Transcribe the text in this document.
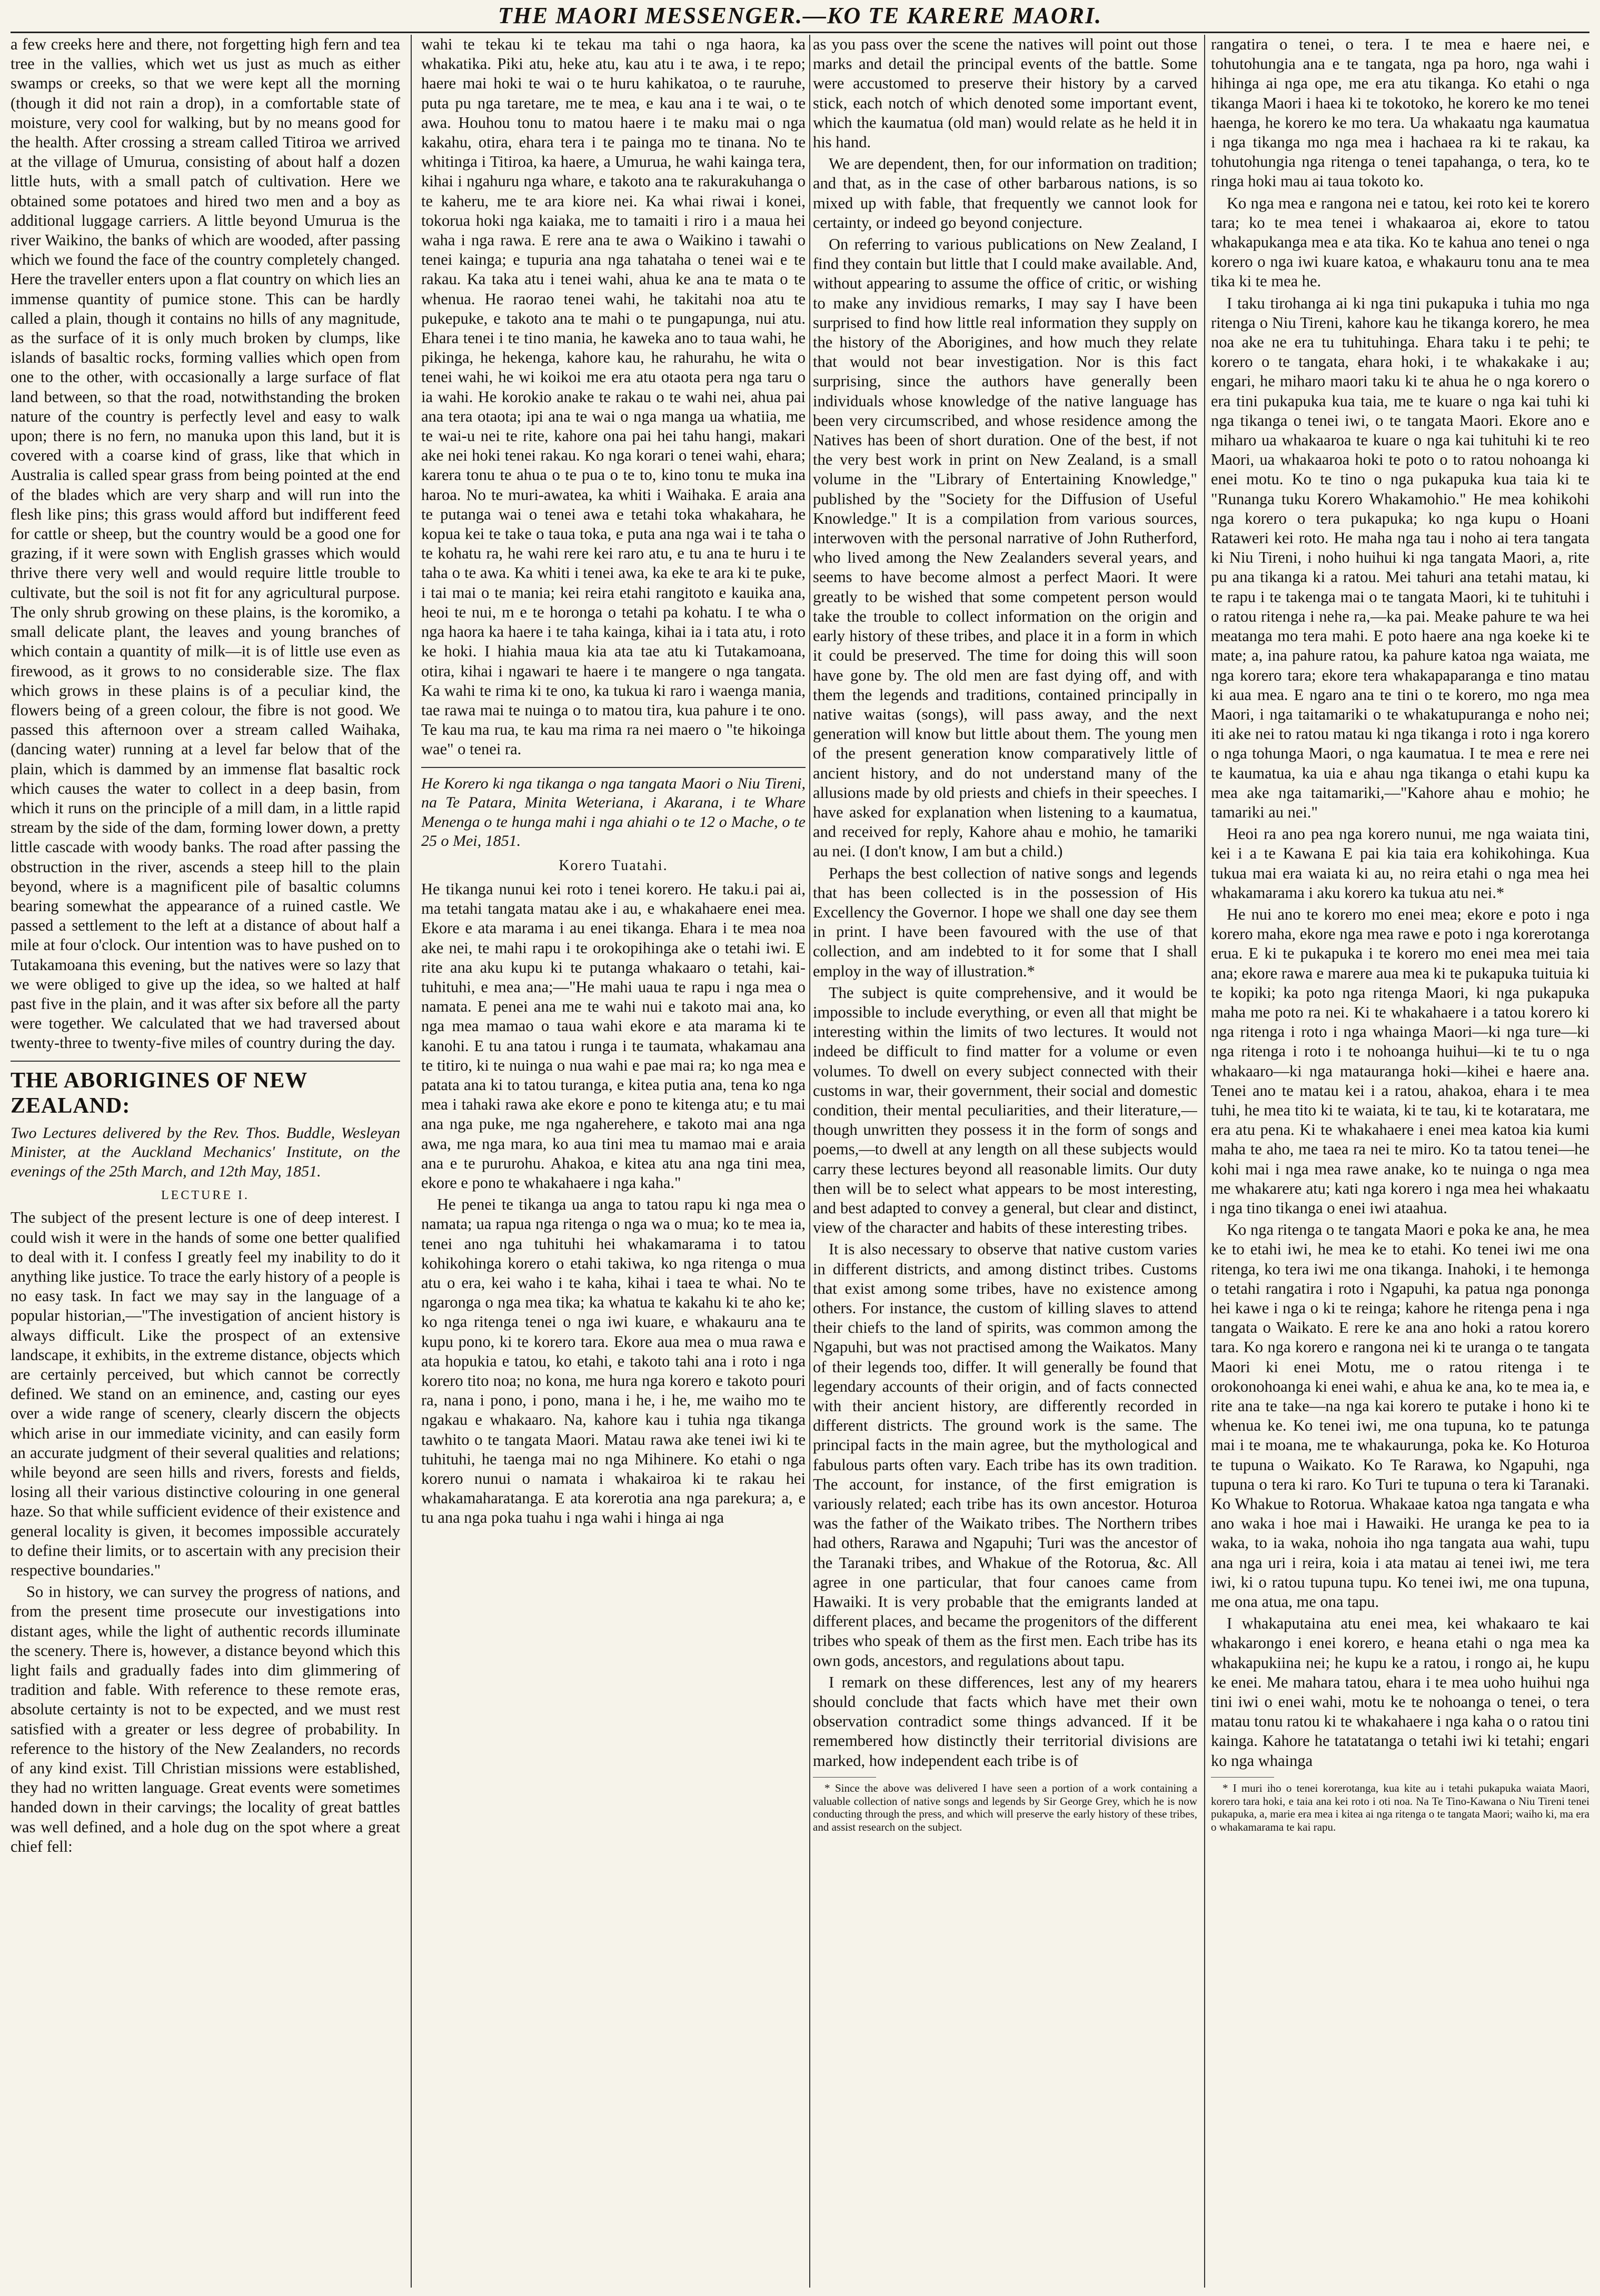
THE MAORI MESSENGER.—KO TE KARERE MAORI.

a few creeks here and there, not forgetting high fern and tea tree in the vallies, which wet us just as much as either swamps or creeks, so that we were kept all the morning (though it did not rain a drop), in a comfortable state of moisture, very cool for walking, but by no means good for the health. After crossing a stream called Titiroa we arrived at the village of Umurua, consisting of about half a dozen little huts, with a small patch of cultivation. Here we obtained some potatoes and hired two men and a boy as additional luggage carriers. A little beyond Umurua is the river Waikino, the banks of which are wooded, after passing which we found the face of the country completely changed. Here the traveller enters upon a flat country on which lies an immense quantity of pumice stone. This can be hardly called a plain, though it contains no hills of any magnitude, as the surface of it is only much broken by clumps, like islands of basaltic rocks, forming vallies which open from one to the other, with occasionally a large surface of flat land between, so that the road, notwithstanding the broken nature of the country is perfectly level and easy to walk upon; there is no fern, no manuka upon this land, but it is covered with a coarse kind of grass, like that which in Australia is called spear grass from being pointed at the end of the blades which are very sharp and will run into the flesh like pins; this grass would afford but indifferent feed for cattle or sheep, but the country would be a good one for grazing, if it were sown with English grasses which would thrive there very well and would require little trouble to cultivate, but the soil is not fit for any agricultural purpose. The only shrub growing on these plains, is the koromiko, a small delicate plant, the leaves and young branches of which contain a quantity of milk—it is of little use even as firewood, as it grows to no considerable size. The flax which grows in these plains is of a peculiar kind, the flowers being of a green colour, the fibre is not good. We passed this afternoon over a stream called Waihaka, (dancing water) running at a level far below that of the plain, which is dammed by an immense flat basaltic rock which causes the water to collect in a deep basin, from which it runs on the principle of a mill dam, in a little rapid stream by the side of the dam, forming lower down, a pretty little cascade with woody banks. The road after passing the obstruction in the river, ascends a steep hill to the plain beyond, where is a magnificent pile of basaltic columns bearing somewhat the appearance of a ruined castle. We passed a settlement to the left at a distance of about half a mile at four o'clock. Our intention was to have pushed on to Tutakamoana this evening, but the natives were so lazy that we were obliged to give up the idea, so we halted at half past five in the plain, and it was after six before all the party were together. We calculated that we had traversed about twenty-three to twenty-five miles of country during the day.

THE ABORIGINES OF NEW ZEALAND:
Two Lectures delivered by the Rev. Thos. Buddle, Wesleyan Minister, at the Auckland Mechanics' Institute, on the evenings of the 25th March, and 12th May, 1851.
LECTURE I.

The subject of the present lecture is one of deep interest. I could wish it were in the hands of some one better qualified to deal with it. I confess I greatly feel my inability to do it anything like justice. To trace the early history of a people is no easy task. In fact we may say in the language of a popular historian,—"The investigation of ancient history is always difficult. Like the prospect of an extensive landscape, it exhibits, in the extreme distance, objects which are certainly perceived, but which cannot be correctly defined. We stand on an eminence, and, casting our eyes over a wide range of scenery, clearly discern the objects which arise in our immediate vicinity, and can easily form an accurate judgment of their several qualities and relations; while beyond are seen hills and rivers, forests and fields, losing all their various distinctive colouring in one general haze. So that while sufficient evidence of their existence and general locality is given, it becomes impossible accurately to define their limits, or to ascertain with any precision their respective boundaries."

So in history, we can survey the progress of nations, and from the present time prosecute our investigations into distant ages, while the light of authentic records illuminate the scenery. There is, however, a distance beyond which this light fails and gradually fades into dim glimmering of tradition and fable. With reference to these remote eras, absolute certainty is not to be expected, and we must rest satisfied with a greater or less degree of probability. In reference to the history of the New Zealanders, no records of any kind exist. Till Christian missions were established, they had no written language. Great events were sometimes handed down in their carvings; the locality of great battles was well defined, and a hole dug on the spot where a great chief fell:

wahi te tekau ki te tekau ma tahi o nga haora, ka whakatika. Piki atu, heke atu, kau atu i te awa, i te repo; haere mai hoki te wai o te huru kahikatoa, o te rauruhe, puta pu nga taretare, me te mea, e kau ana i te wai, o te awa. Houhou tonu to matou haere i te maku mai o nga kakahu, otira, ehara tera i te painga mo te tinana. No te whitinga i Titiroa, ka haere, a Umurua, he wahi kainga tera, kihai i ngahuru nga whare, e takoto ana te rakurakuhanga o te kaheru, me te ara kiore nei. Ka whai riwai i konei, tokorua hoki nga kaiaka, me to tamaiti i riro i a maua hei waha i nga rawa. E rere ana te awa o Waikino i tawahi o tenei kainga; e tupuria ana nga tahataha o tenei wai e te rakau. Ka taka atu i tenei wahi, ahua ke ana te mata o te whenua. He raorao tenei wahi, he takitahi noa atu te pukepuke, e takoto ana te mahi o te pungapunga, nui atu. Ehara tenei i te tino mania, he kaweka ano to taua wahi, he pikinga, he hekenga, kahore kau, he rahurahu, he wita o tenei wahi, he wi koikoi me era atu otaota pera nga taru o ia wahi. He korokio anake te rakau o te wahi nei, ahua pai ana tera otaota; ipi ana te wai o nga manga ua whatiia, me te wai-u nei te rite, kahore ona pai hei tahu hangi, makari ake nei hoki tenei rakau. Ko nga korari o tenei wahi, ehara; karera tonu te ahua o te pua o te to, kino tonu te muka ina haroa. No te muri-awatea, ka whiti i Waihaka. E araia ana te putanga wai o tenei awa e tetahi toka whakahara, he kopua kei te take o taua toka, e puta ana nga wai i te taha o te kohatu ra, he wahi rere kei raro atu, e tu ana te huru i te taha o te awa. Ka whiti i tenei awa, ka eke te ara ki te puke, i tai mai o te mania; kei reira etahi rangitoto e kauika ana, heoi te nui, m e te horonga o tetahi pa kohatu. I te wha o nga haora ka haere i te taha kainga, kihai ia i tata atu, i roto ke hoki. I hiahia maua kia ata tae atu ki Tutakamoana, otira, kihai i ngawari te haere i te mangere o nga tangata. Ka wahi te rima ki te ono, ka tukua ki raro i waenga mania, tae rawa mai te nuinga o to matou tira, kua pahure i te ono. Te kau ma rua, te kau ma rima ra nei maero o "te hikoinga wae" o tenei ra.

He Korero ki nga tikanga o nga tangata Maori o Niu Tireni, na Te Patara, Minita Weteriana, i Akarana, i te Whare Menenga o te hunga mahi i nga ahiahi o te 12 o Mache, o te 25 o Mei, 1851.
Korero Tuatahi.

He tikanga nunui kei roto i tenei korero. He taku.i pai ai, ma tetahi tangata matau ake i au, e whakahaere enei mea. Ekore e ata marama i au enei tikanga. Ehara i te mea noa ake nei, te mahi rapu i te orokopihinga ake o tetahi iwi. E rite ana aku kupu ki te putanga whakaaro o tetahi, kai-tuhituhi, e mea ana;—"He mahi uaua te rapu i nga mea o namata. E penei ana me te wahi nui e takoto mai ana, ko nga mea mamao o taua wahi ekore e ata marama ki te kanohi. E tu ana tatou i runga i te taumata, whakamau ana te titiro, ki te nuinga o nua wahi e pae mai ra; ko nga mea e patata ana ki to tatou turanga, e kitea putia ana, tena ko nga mea i tahaki rawa ake ekore e pono te kitenga atu; e tu mai ana nga puke, me nga ngaherehere, e takoto mai ana nga awa, me nga mara, ko aua tini mea tu mamao mai e araia ana e te pururohu. Ahakoa, e kitea atu ana nga tini mea, ekore e pono te whakahaere i nga kaha."

He penei te tikanga ua anga to tatou rapu ki nga mea o namata; ua rapua nga ritenga o nga wa o mua; ko te mea ia, tenei ano nga tuhituhi hei whakamarama i to tatou kohikohinga korero o etahi takiwa, ko nga ritenga o mua atu o era, kei waho i te kaha, kihai i taea te whai. No te ngaronga o nga mea tika; ka whatua te kakahu ki te aho ke; ko nga ritenga tenei o nga iwi kuare, e whakauru ana te kupu pono, ki te korero tara. Ekore aua mea o mua rawa e ata hopukia e tatou, ko etahi, e takoto tahi ana i roto i nga korero tito noa; no kona, me hura nga korero e takoto pouri ra, nana i pono, i pono, mana i he, i he, me waiho mo te ngakau e whakaaro. Na, kahore kau i tuhia nga tikanga tawhito o te tangata Maori. Matau rawa ake tenei iwi ki te tuhituhi, he taenga mai no nga Mihinere. Ko etahi o nga korero nunui o namata i whakairoa ki te rakau hei whakamaharatanga. E ata korerotia ana nga parekura; a, e tu ana nga poka tuahu i nga wahi i hinga ai nga

as you pass over the scene the natives will point out those marks and detail the principal events of the battle. Some were accustomed to preserve their history by a carved stick, each notch of which denoted some important event, which the kaumatua (old man) would relate as he held it in his hand.

We are dependent, then, for our information on tradition; and that, as in the case of other barbarous nations, is so mixed up with fable, that frequently we cannot look for certainty, or indeed go beyond conjecture.

On referring to various publications on New Zealand, I find they contain but little that I could make available. And, without appearing to assume the office of critic, or wishing to make any invidious remarks, I may say I have been surprised to find how little real information they supply on the history of the Aborigines, and how much they relate that would not bear investigation. Nor is this fact surprising, since the authors have generally been individuals whose knowledge of the native language has been very circumscribed, and whose residence among the Natives has been of short duration. One of the best, if not the very best work in print on New Zealand, is a small volume in the "Library of Entertaining Knowledge," published by the "Society for the Diffusion of Useful Knowledge." It is a compilation from various sources, interwoven with the personal narrative of John Rutherford, who lived among the New Zealanders several years, and seems to have become almost a perfect Maori. It were greatly to be wished that some competent person would take the trouble to collect information on the origin and early history of these tribes, and place it in a form in which it could be preserved. The time for doing this will soon have gone by. The old men are fast dying off, and with them the legends and traditions, contained principally in native waitas (songs), will pass away, and the next generation will know but little about them. The young men of the present generation know comparatively little of ancient history, and do not understand many of the allusions made by old priests and chiefs in their speeches. I have asked for explanation when listening to a kaumatua, and received for reply, Kahore ahau e mohio, he tamariki au nei. (I don't know, I am but a child.)

Perhaps the best collection of native songs and legends that has been collected is in the possession of His Excellency the Governor. I hope we shall one day see them in print. I have been favoured with the use of that collection, and am indebted to it for some that I shall employ in the way of illustration.*

The subject is quite comprehensive, and it would be impossible to include everything, or even all that might be interesting within the limits of two lectures. It would not indeed be difficult to find matter for a volume or even volumes. To dwell on every subject connected with their customs in war, their government, their social and domestic condition, their mental peculiarities, and their literature,—though unwritten they possess it in the form of songs and poems,—to dwell at any length on all these subjects would carry these lectures beyond all reasonable limits. Our duty then will be to select what appears to be most interesting, and best adapted to convey a general, but clear and distinct, view of the character and habits of these interesting tribes.

It is also necessary to observe that native custom varies in different districts, and among distinct tribes. Customs that exist among some tribes, have no existence among others. For instance, the custom of killing slaves to attend their chiefs to the land of spirits, was common among the Ngapuhi, but was not practised among the Waikatos. Many of their legends too, differ. It will generally be found that legendary accounts of their origin, and of facts connected with their ancient history, are differently recorded in different districts. The ground work is the same. The principal facts in the main agree, but the mythological and fabulous parts often vary. Each tribe has its own tradition. The account, for instance, of the first emigration is variously related; each tribe has its own ancestor. Hoturoa was the father of the Waikato tribes. The Northern tribes had others, Rarawa and Ngapuhi; Turi was the ancestor of the Taranaki tribes, and Whakue of the Rotorua, &c. All agree in one particular, that four canoes came from Hawaiki. It is very probable that the emigrants landed at different places, and became the progenitors of the different tribes who speak of them as the first men. Each tribe has its own gods, ancestors, and regulations about tapu.

I remark on these differences, lest any of my hearers should conclude that facts which have met their own observation contradict some things advanced. If it be remembered how distinctly their territorial divisions are marked, how independent each tribe is of

* Since the above was delivered I have seen a portion of a work containing a valuable collection of native songs and legends by Sir George Grey, which he is now conducting through the press, and which will preserve the early history of these tribes, and assist research on the subject.

rangatira o tenei, o tera. I te mea e haere nei, e tohutohungia ana e te tangata, nga pa horo, nga wahi i hihinga ai nga ope, me era atu tikanga. Ko etahi o nga tikanga Maori i haea ki te tokotoko, he korero ke mo tenei haenga, he korero ke mo tera. Ua whakaatu nga kaumatua i nga tikanga mo nga mea i hachaea ra ki te rakau, ka tohutohungia nga ritenga o tenei tapahanga, o tera, ko te ringa hoki mau ai taua tokoto ko.

Ko nga mea e rangona nei e tatou, kei roto kei te korero tara; ko te mea tenei i whakaaroa ai, ekore to tatou whakapukanga mea e ata tika. Ko te kahua ano tenei o nga korero o nga iwi kuare katoa, e whakauru tonu ana te mea tika ki te mea he.

I taku tirohanga ai ki nga tini pukapuka i tuhia mo nga ritenga o Niu Tireni, kahore kau he tikanga korero, he mea noa ake ne era tu tuhituhinga. Ehara taku i te pehi; te korero o te tangata, ehara hoki, i te whakakake i au; engari, he miharo maori taku ki te ahua he o nga korero o era tini pukapuka kua taia, me te kuare o nga kai tuhi ki nga tikanga o tenei iwi, o te tangata Maori. Ekore ano e miharo ua whakaaroa te kuare o nga kai tuhituhi ki te reo Maori, ua whakaaroa hoki te poto o to ratou nohoanga ki enei motu. Ko te tino o nga pukapuka kua taia ki te "Runanga tuku Korero Whakamohio." He mea kohikohi nga korero o tera pukapuka; ko nga kupu o Hoani Rataweri kei roto. He maha nga tau i noho ai tera tangata ki Niu Tireni, i noho huihui ki nga tangata Maori, a, rite pu ana tikanga ki a ratou. Mei tahuri ana tetahi matau, ki te rapu i te takenga mai o te tangata Maori, ki te tuhituhi i o ratou ritenga i nehe ra,—ka pai. Meake pahure te wa hei meatanga mo tera mahi. E poto haere ana nga koeke ki te mate; a, ina pahure ratou, ka pahure katoa nga waiata, me nga korero tara; ekore tera whakapaparanga e tino matau ki aua mea. E ngaro ana te tini o te korero, mo nga mea Maori, i nga taitamariki o te whakatupuranga e noho nei; iti ake nei to ratou matau ki nga tikanga i roto i nga korero o nga tohunga Maori, o nga kaumatua. I te mea e rere nei te kaumatua, ka uia e ahau nga tikanga o etahi kupu ka mea ake nga taitamariki,—"Kahore ahau e mohio; he tamariki au nei."

Heoi ra ano pea nga korero nunui, me nga waiata tini, kei i a te Kawana E pai kia taia era kohikohinga. Kua tukua mai era waiata ki au, no reira etahi o nga mea hei whakamarama i aku korero ka tukua atu nei.*

He nui ano te korero mo enei mea; ekore e poto i nga korero maha, ekore nga mea rawe e poto i nga korerotanga erua. E ki te pukapuka i te korero mo enei mea mei taia ana; ekore rawa e marere aua mea ki te pukapuka tuituia ki te kopiki; ka poto nga ritenga Maori, ki nga pukapuka maha me poto ra nei. Ki te whakahaere i a tatou korero ki nga ritenga i roto i nga whainga Maori—ki nga ture—ki nga ritenga i roto i te nohoanga huihui—ki te tu o nga whakaaro—ki nga matauranga hoki—kihei e haere ana. Tenei ano te matau kei i a ratou, ahakoa, ehara i te mea tuhi, he mea tito ki te waiata, ki te tau, ki te kotaratara, me era atu pena. Ki te whakahaere i enei mea katoa kia kumi maha te aho, me taea ra nei te miro. Ko ta tatou tenei—he kohi mai i nga mea rawe anake, ko te nuinga o nga mea me whakarere atu; kati nga korero i nga mea hei whakaatu i nga tino tikanga o enei iwi ataahua.

Ko nga ritenga o te tangata Maori e poka ke ana, he mea ke to etahi iwi, he mea ke to etahi. Ko tenei iwi me ona ritenga, ko tera iwi me ona tikanga. Inahoki, i te hemonga o tetahi rangatira i roto i Ngapuhi, ka patua nga pononga hei kawe i nga o ki te reinga; kahore he ritenga pena i nga tangata o Waikato. E rere ke ana ano hoki a ratou korero tara. Ko nga korero e rangona nei ki te uranga o te tangata Maori ki enei Motu, me o ratou ritenga i te orokonohoanga ki enei wahi, e ahua ke ana, ko te mea ia, e rite ana te take—na nga kai korero te putake i hono ki te whenua ke. Ko tenei iwi, me ona tupuna, ko te patunga mai i te moana, me te whakaurunga, poka ke. Ko Hoturoa te tupuna o Waikato. Ko Te Rarawa, ko Ngapuhi, nga tupuna o tera ki raro. Ko Turi te tupuna o tera ki Taranaki. Ko Whakue to Rotorua. Whakaae katoa nga tangata e wha ano waka i hoe mai i Hawaiki. He uranga ke pea to ia waka, to ia waka, nohoia iho nga tangata aua wahi, tupu ana nga uri i reira, koia i ata matau ai tenei iwi, me tera iwi, ki o ratou tupuna tupu. Ko tenei iwi, me ona tupuna, me ona atua, me ona tapu.

I whakaputaina atu enei mea, kei whakaaro te kai whakarongo i enei korero, e heana etahi o nga mea ka whakapukiina nei; he kupu ke a ratou, i rongo ai, he kupu ke enei. Me mahara tatou, ehara i te mea uoho huihui nga tini iwi o enei wahi, motu ke te nohoanga o tenei, o tera matau tonu ratou ki te whakahaere i nga kaha o o ratou tini kainga. Kahore he tatatatanga o tetahi iwi ki tetahi; engari ko nga whainga

* I muri iho o tenei korerotanga, kua kite au i tetahi pukapuka waiata Maori, korero tara hoki, e taia ana kei roto i oti noa. Na Te Tino-Kawana o Niu Tireni tenei pukapuka, a, marie era mea i kitea ai nga ritenga o te tangata Maori; waiho ki, ma era o whakamarama te kai rapu.
